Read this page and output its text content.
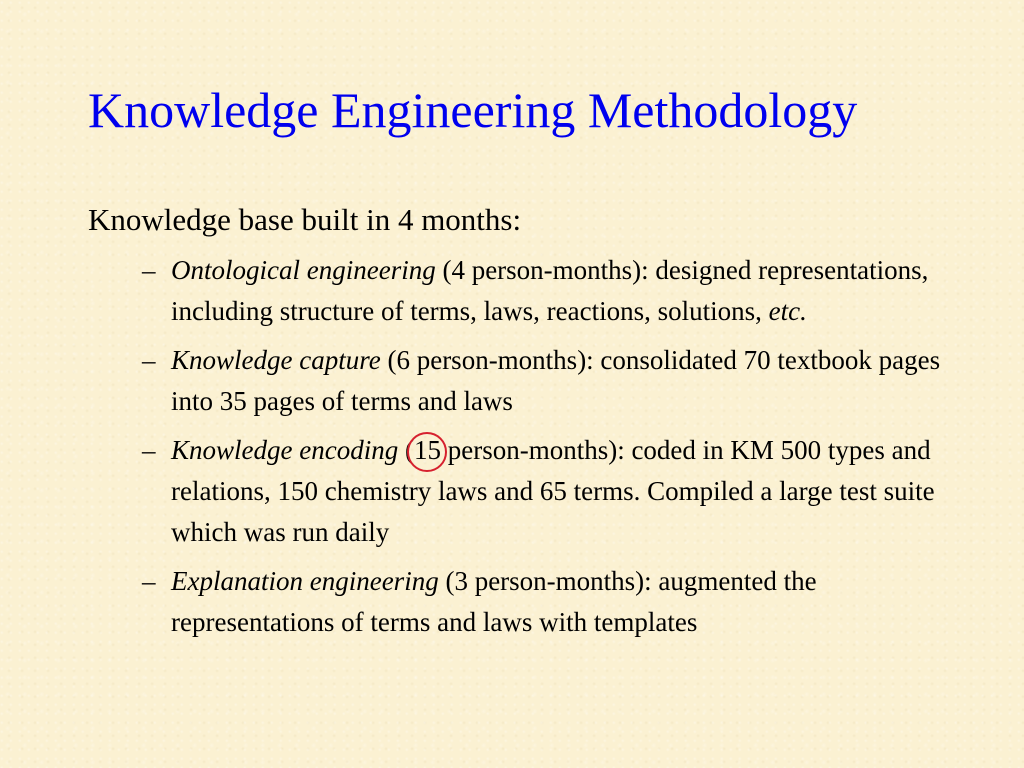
Knowledge Engineering Methodology

Knowledge base built in 4 months:

– Ontological engineering (4 person-months): designed representations, including structure of terms, laws, reactions, solutions, etc.
– Knowledge capture (6 person-months): consolidated 70 textbook pages into 35 pages of terms and laws
– Knowledge encoding (15
person-months): coded in KM 500 types and relations, 150 chemistry laws and 65 terms. Compiled a large test suite which was run daily
– Explanation engineering (3 person-months): augmented the representations of terms and laws with templates
